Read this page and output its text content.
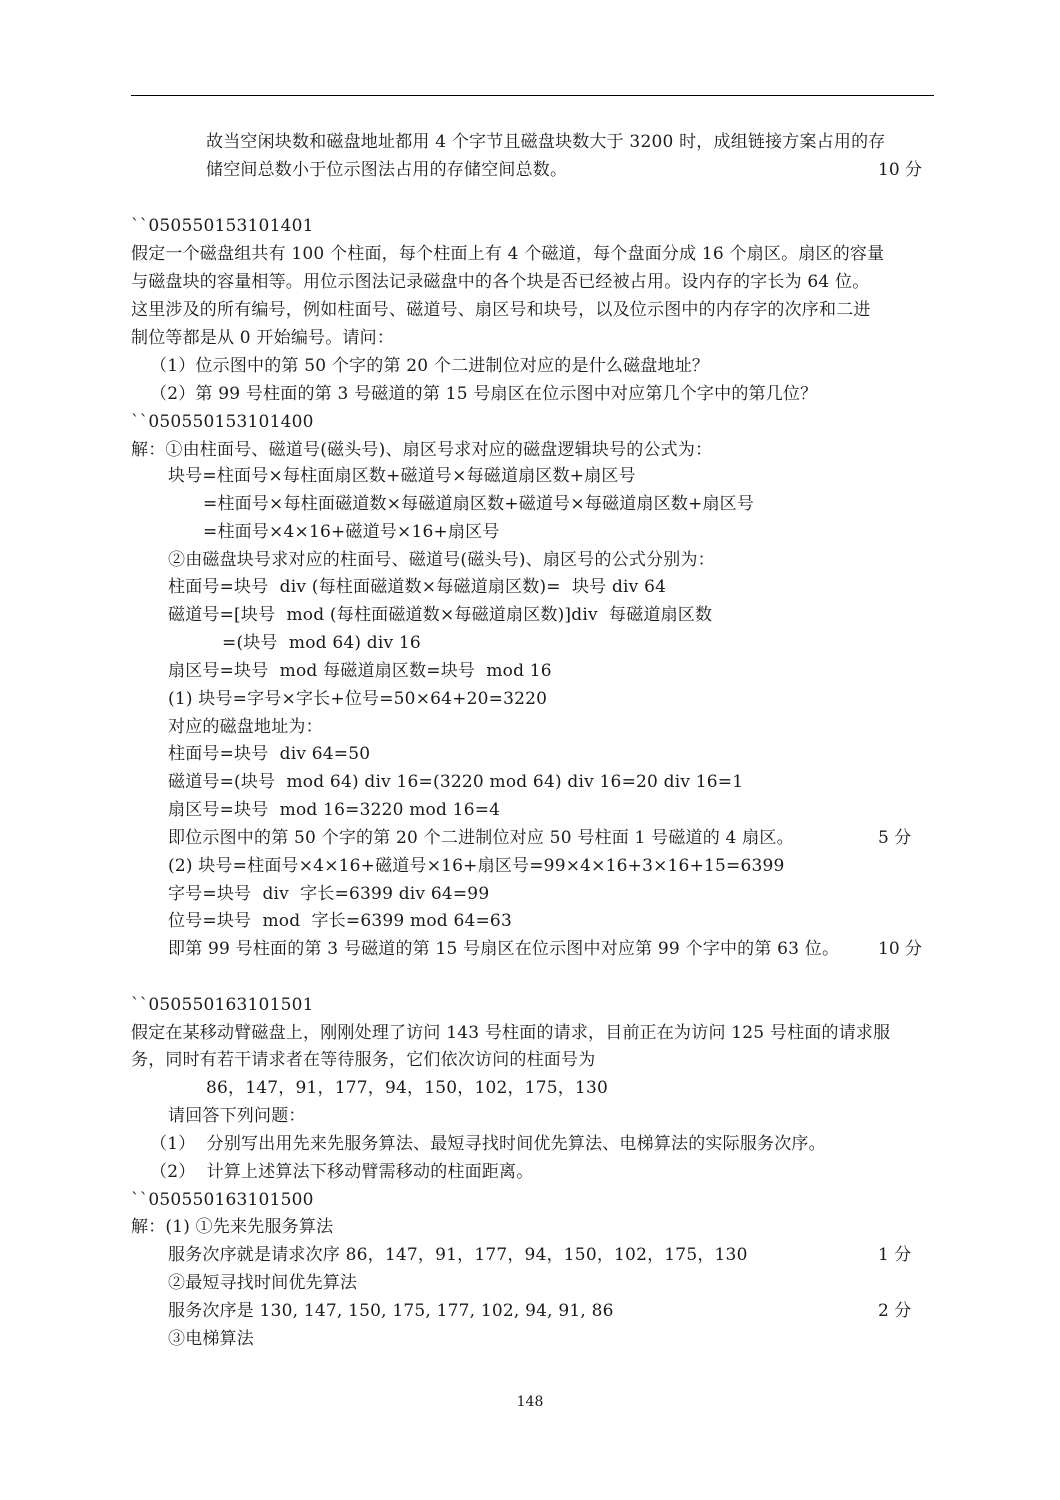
故当空闲块数和磁盘地址都用 4 个字节且磁盘块数大于 3200 时，成组链接方案占用的存
储空间总数小于位示图法占用的存储空间总数。	10 分
``050550153101401
假定一个磁盘组共有 100 个柱面，每个柱面上有 4 个磁道，每个盘面分成 16 个扇区。扇区的容量
与磁盘块的容量相等。用位示图法记录磁盘中的各个块是否已经被占用。设内存的字长为 64 位。
这里涉及的所有编号，例如柱面号、磁道号、扇区号和块号，以及位示图中的内存字的次序和二进
制位等都是从 0 开始编号。请问：
（1）位示图中的第 50 个字的第 20 个二进制位对应的是什么磁盘地址？
（2）第 99 号柱面的第 3 号磁道的第 15 号扇区在位示图中对应第几个字中的第几位？
``050550153101400
解：①由柱面号、磁道号(磁头号)、扇区号求对应的磁盘逻辑块号的公式为：
块号=柱面号×每柱面扇区数+磁道号×每磁道扇区数+扇区号
=柱面号×每柱面磁道数×每磁道扇区数+磁道号×每磁道扇区数+扇区号
=柱面号×4×16+磁道号×16+扇区号
②由磁盘块号求对应的柱面号、磁道号(磁头号)、扇区号的公式分别为：
柱面号=块号  div (每柱面磁道数×每磁道扇区数)=  块号 div 64
磁道号=[块号  mod (每柱面磁道数×每磁道扇区数)]div  每磁道扇区数
=(块号  mod 64) div 16
扇区号=块号  mod 每磁道扇区数=块号  mod 16
(1) 块号=字号×字长+位号=50×64+20=3220
对应的磁盘地址为：
柱面号=块号  div 64=50
磁道号=(块号  mod 64) div 16=(3220 mod 64) div 16=20 div 16=1
扇区号=块号  mod 16=3220 mod 16=4
即位示图中的第 50 个字的第 20 个二进制位对应 50 号柱面 1 号磁道的 4 扇区。	5 分
(2) 块号=柱面号×4×16+磁道号×16+扇区号=99×4×16+3×16+15=6399
字号=块号  div  字长=6399 div 64=99
位号=块号  mod  字长=6399 mod 64=63
即第 99 号柱面的第 3 号磁道的第 15 号扇区在位示图中对应第 99 个字中的第 63 位。 10 分
``050550163101501
假定在某移动臂磁盘上，刚刚处理了访问 143 号柱面的请求，目前正在为访问 125 号柱面的请求服
务，同时有若干请求者在等待服务，它们依次访问的柱面号为
86，147，91，177，94，150，102，175，130
请回答下列问题：
（1）  分别写出用先来先服务算法、最短寻找时间优先算法、电梯算法的实际服务次序。
（2）  计算上述算法下移动臂需移动的柱面距离。
``050550163101500
解：(1) ①先来先服务算法
服务次序就是请求次序 86，147，91，177，94，150，102，175，130	1 分
②最短寻找时间优先算法
服务次序是 130, 147, 150, 175, 177, 102, 94, 91, 86	2 分
③电梯算法
148
